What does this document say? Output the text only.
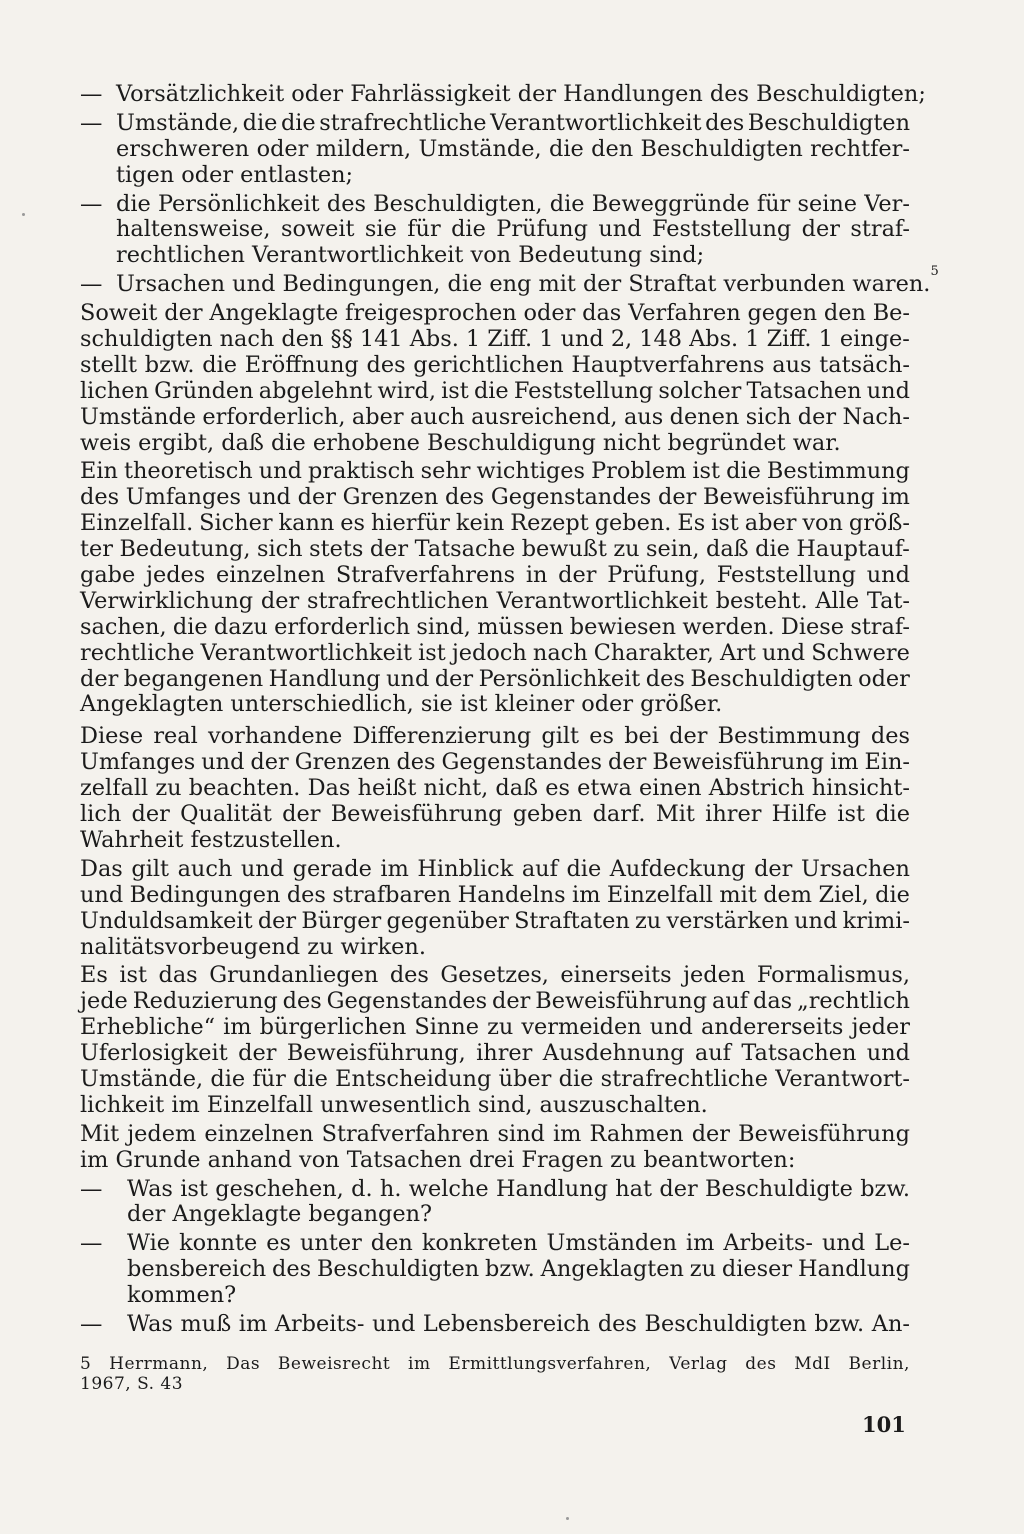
— Vorsätzlichkeit oder Fahrlässigkeit der Handlungen des Beschuldigten;
— Umstände, die die strafrechtliche Verantwortlichkeit des Beschuldigten
erschweren oder mildern, Umstände, die den Beschuldigten rechtfer-
tigen oder entlasten;
— die Persönlichkeit des Beschuldigten, die Beweggründe für seine Ver-
haltensweise, soweit sie für die Prüfung und Feststellung der straf-
rechtlichen Verantwortlichkeit von Bedeutung sind;
— Ursachen und Bedingungen, die eng mit der Straftat verbunden waren. 5
Soweit der Angeklagte freigesprochen oder das Verfahren gegen den Be-
schuldigten nach den §§ 141 Abs. 1 Ziff. 1 und 2, 148 Abs. 1 Ziff. 1 einge-
stellt bzw. die Eröffnung des gerichtlichen Hauptverfahrens aus tatsäch-
lichen Gründen abgelehnt wird, ist die Feststellung solcher Tatsachen und
Umstände erforderlich, aber auch ausreichend, aus denen sich der Nach-
weis ergibt, daß die erhobene Beschuldigung nicht begründet war.
Ein theoretisch und praktisch sehr wichtiges Problem ist die Bestimmung
des Umfanges und der Grenzen des Gegenstandes der Beweisführung im
Einzelfall. Sicher kann es hierfür kein Rezept geben. Es ist aber von größ-
ter Bedeutung, sich stets der Tatsache bewußt zu sein, daß die Hauptauf-
gabe jedes einzelnen Strafverfahrens in der Prüfung, Feststellung und
Verwirklichung der strafrechtlichen Verantwortlichkeit besteht. Alle Tat-
sachen, die dazu erforderlich sind, müssen bewiesen werden. Diese straf-
rechtliche Verantwortlichkeit ist jedoch nach Charakter, Art und Schwere
der begangenen Handlung und der Persönlichkeit des Beschuldigten oder
Angeklagten unterschiedlich, sie ist kleiner oder größer.
Diese real vorhandene Differenzierung gilt es bei der Bestimmung des
Umfanges und der Grenzen des Gegenstandes der Beweisführung im Ein-
zelfall zu beachten. Das heißt nicht, daß es etwa einen Abstrich hinsicht-
lich der Qualität der Beweisführung geben darf. Mit ihrer Hilfe ist die
Wahrheit festzustellen.
Das gilt auch und gerade im Hinblick auf die Aufdeckung der Ursachen
und Bedingungen des strafbaren Handelns im Einzelfall mit dem Ziel, die
Unduldsamkeit der Bürger gegenüber Straftaten zu verstärken und krimi-
nalitätsvorbeugend zu wirken.
Es ist das Grundanliegen des Gesetzes, einerseits jeden Formalismus,
jede Reduzierung des Gegenstandes der Beweisführung auf das „rechtlich
Erhebliche“ im bürgerlichen Sinne zu vermeiden und andererseits jeder
Uferlosigkeit der Beweisführung, ihrer Ausdehnung auf Tatsachen und
Umstände, die für die Entscheidung über die strafrechtliche Verantwort-
lichkeit im Einzelfall unwesentlich sind, auszuschalten.
Mit jedem einzelnen Strafverfahren sind im Rahmen der Beweisführung
im Grunde anhand von Tatsachen drei Fragen zu beantworten:
— Was ist geschehen, d. h. welche Handlung hat der Beschuldigte bzw.
der Angeklagte begangen?
— Wie konnte es unter den konkreten Umständen im Arbeits- und Le-
bensbereich des Beschuldigten bzw. Angeklagten zu dieser Handlung
kommen?
— Was muß im Arbeits- und Lebensbereich des Beschuldigten bzw. An-
5 Herrmann, Das Beweisrecht im Ermittlungsverfahren, Verlag des MdI Berlin,
1967, S. 43
101
